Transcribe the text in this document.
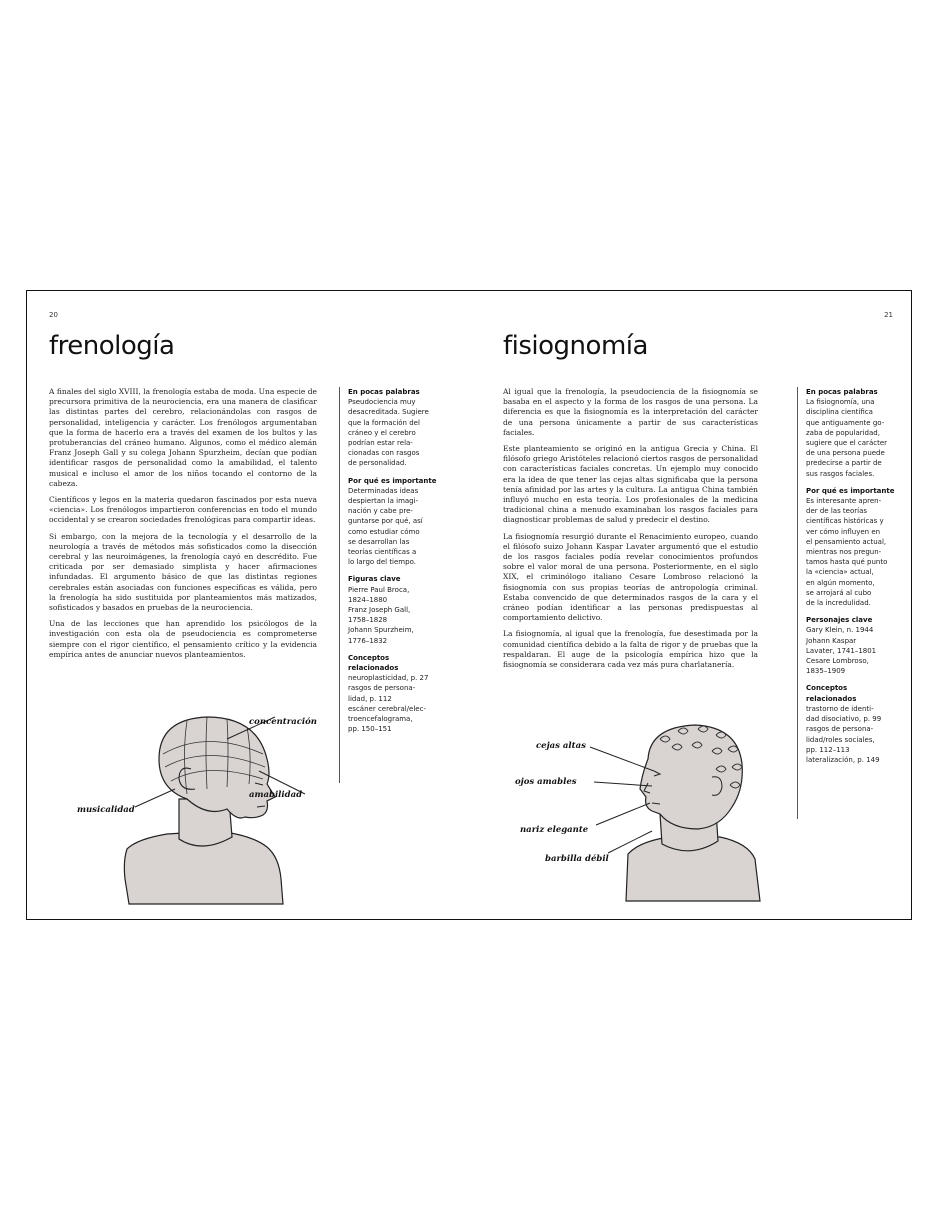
20
frenología

A finales del siglo XVIII, la frenología estaba de moda. Una especie de precursora primitiva de la neurociencia, era una manera de clasificar las distintas partes del cerebro, relacionándolas con rasgos de personalidad, inteligencia y carácter. Los frenólogos argumentaban que la forma de hacerlo era a través del examen de los bultos y las protuberancias del cráneo humano. Algunos, como el médico alemán Franz Joseph Gall y su colega Johann Spurzheim, decían que podían identificar rasgos de personalidad como la amabilidad, el talento musical e incluso el amor de los niños tocando el contorno de la cabeza.

Científicos y legos en la materia quedaron fascinados por esta nueva «ciencia». Los frenólogos impartieron conferencias en todo el mundo occidental y se crearon sociedades frenológicas para compartir ideas.

Si embargo, con la mejora de la tecnología y el desarrollo de la neurología a través de métodos más sofisticados como la disección cerebral y las neuroimágenes, la frenología cayó en descrédito. Fue criticada por ser demasiado simplista y hacer afirmaciones infundadas. El argumento básico de que las distintas regiones cerebrales están asociadas con funciones específicas es válida, pero la frenología ha sido sustituida por planteamientos más matizados, sofisticados y basados en pruebas de la neurociencia.

Una de las lecciones que han aprendido los psicólogos de la investigación con esta ola de pseudociencia es comprometerse siempre con el rigor científico, el pensamiento crítico y la evidencia empírica antes de anunciar nuevos planteamientos.

En pocas palabras
Pseudociencia muy
desacreditada. Sugiere
que la formación del
cráneo y el cerebro
podrían estar rela-
cionadas con rasgos
de personalidad.
Por qué es importante
Determinadas ideas
despiertan la imagi-
nación y cabe pre-
guntarse por qué, así
como estudiar cómo
se desarrollan las
teorías científicas a
lo largo del tiempo.
Figuras clave
Pierre Paul Broca,
1824–1880
Franz Joseph Gall,
1758–1828
Johann Spurzheim,
1776–1832
Conceptos
relacionados
neuroplasticidad, p. 27
rasgos de persona-
lidad, p. 112
escáner cerebral/elec-
troencefalograma,
pp. 150–151
concentración
amabilidad
musicalidad
21
fisiognomía

Al igual que la frenología, la pseudociencia de la fisiognomía se basaba en el aspecto y la forma de los rasgos de una persona. La diferencia es que la fisiognomía es la interpretación del carácter de una persona únicamente a partir de sus características faciales.

Este planteamiento se originó en la antigua Grecia y China. El filósofo griego Aristóteles relacionó ciertos rasgos de personalidad con características faciales concretas. Un ejemplo muy conocido era la idea de que tener las cejas altas significaba que la persona tenía afinidad por las artes y la cultura. La antigua China también influyó mucho en esta teoría. Los profesionales de la medicina tradicional china a menudo examinaban los rasgos faciales para diagnosticar problemas de salud y predecir el destino.

La fisiognomía resurgió durante el Renacimiento europeo, cuando el filósofo suizo Johann Kaspar Lavater argumentó que el estudio de los rasgos faciales podía revelar conocimientos profundos sobre el valor moral de una persona. Posteriormente, en el siglo XIX, el criminólogo italiano Cesare Lombroso relacionó la fisiognomía con sus propias teorías de antropología criminal. Estaba convencido de que determinados rasgos de la cara y el cráneo podían identificar a las personas predispuestas al comportamiento delictivo.

La fisiognomía, al igual que la frenología, fue desestimada por la comunidad científica debido a la falta de rigor y de pruebas que la respaldaran. El auge de la psicología empírica hizo que la fisiognomía se considerara cada vez más pura charlatanería.

En pocas palabras
La fisiognomía, una
disciplina científica
que antiguamente go-
zaba de popularidad,
sugiere que el carácter
de una persona puede
predecirse a partir de
sus rasgos faciales.
Por qué es importante
Es interesante apren-
der de las teorías
científicas históricas y
ver cómo influyen en
el pensamiento actual,
mientras nos pregun-
tamos hasta qué punto
la «ciencia» actual,
en algún momento,
se arrojará al cubo
de la incredulidad.
Personajes clave
Gary Klein, n. 1944
Johann Kaspar
Lavater, 1741–1801
Cesare Lombroso,
1835–1909
Conceptos
relacionados
trastorno de identi-
dad disociativo, p. 99
rasgos de persona-
lidad/roles sociales,
pp. 112–113
lateralización, p. 149
cejas altas
ojos amables
nariz elegante
barbilla débil
